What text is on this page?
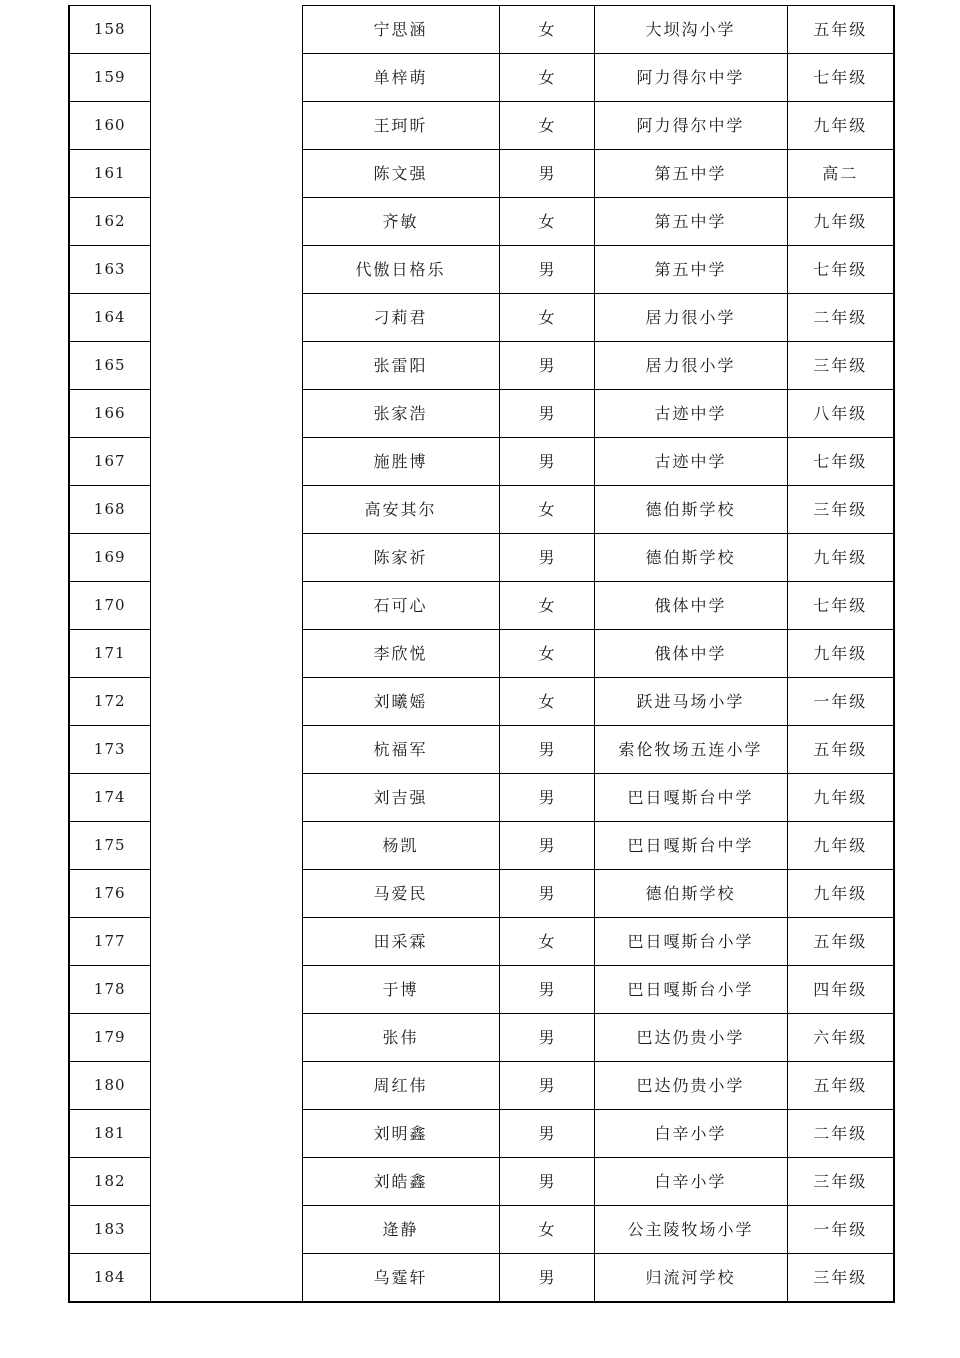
158		宁思涵	女	大坝沟小学	五年级
159		单梓萌	女	阿力得尔中学	七年级
160		王珂昕	女	阿力得尔中学	九年级
161		陈文强	男	第五中学	高二
162		齐敏	女	第五中学	九年级
163		代傲日格乐	男	第五中学	七年级
164		刁莉君	女	居力很小学	二年级
165		张雷阳	男	居力很小学	三年级
166		张家浩	男	古迹中学	八年级
167		施胜博	男	古迹中学	七年级
168		高安其尔	女	德伯斯学校	三年级
169		陈家祈	男	德伯斯学校	九年级
170		石可心	女	俄体中学	七年级
171		李欣悦	女	俄体中学	九年级
172		刘曦媱	女	跃进马场小学	一年级
173		杭福军	男	索伦牧场五连小学	五年级
174		刘吉强	男	巴日嘎斯台中学	九年级
175		杨凯	男	巴日嘎斯台中学	九年级
176		马爱民	男	德伯斯学校	九年级
177		田采霖	女	巴日嘎斯台小学	五年级
178		于博	男	巴日嘎斯台小学	四年级
179		张伟	男	巴达仍贵小学	六年级
180		周红伟	男	巴达仍贵小学	五年级
181		刘明鑫	男	白辛小学	二年级
182		刘皓鑫	男	白辛小学	三年级
183		逄静	女	公主陵牧场小学	一年级
184		乌霆轩	男	归流河学校	三年级
